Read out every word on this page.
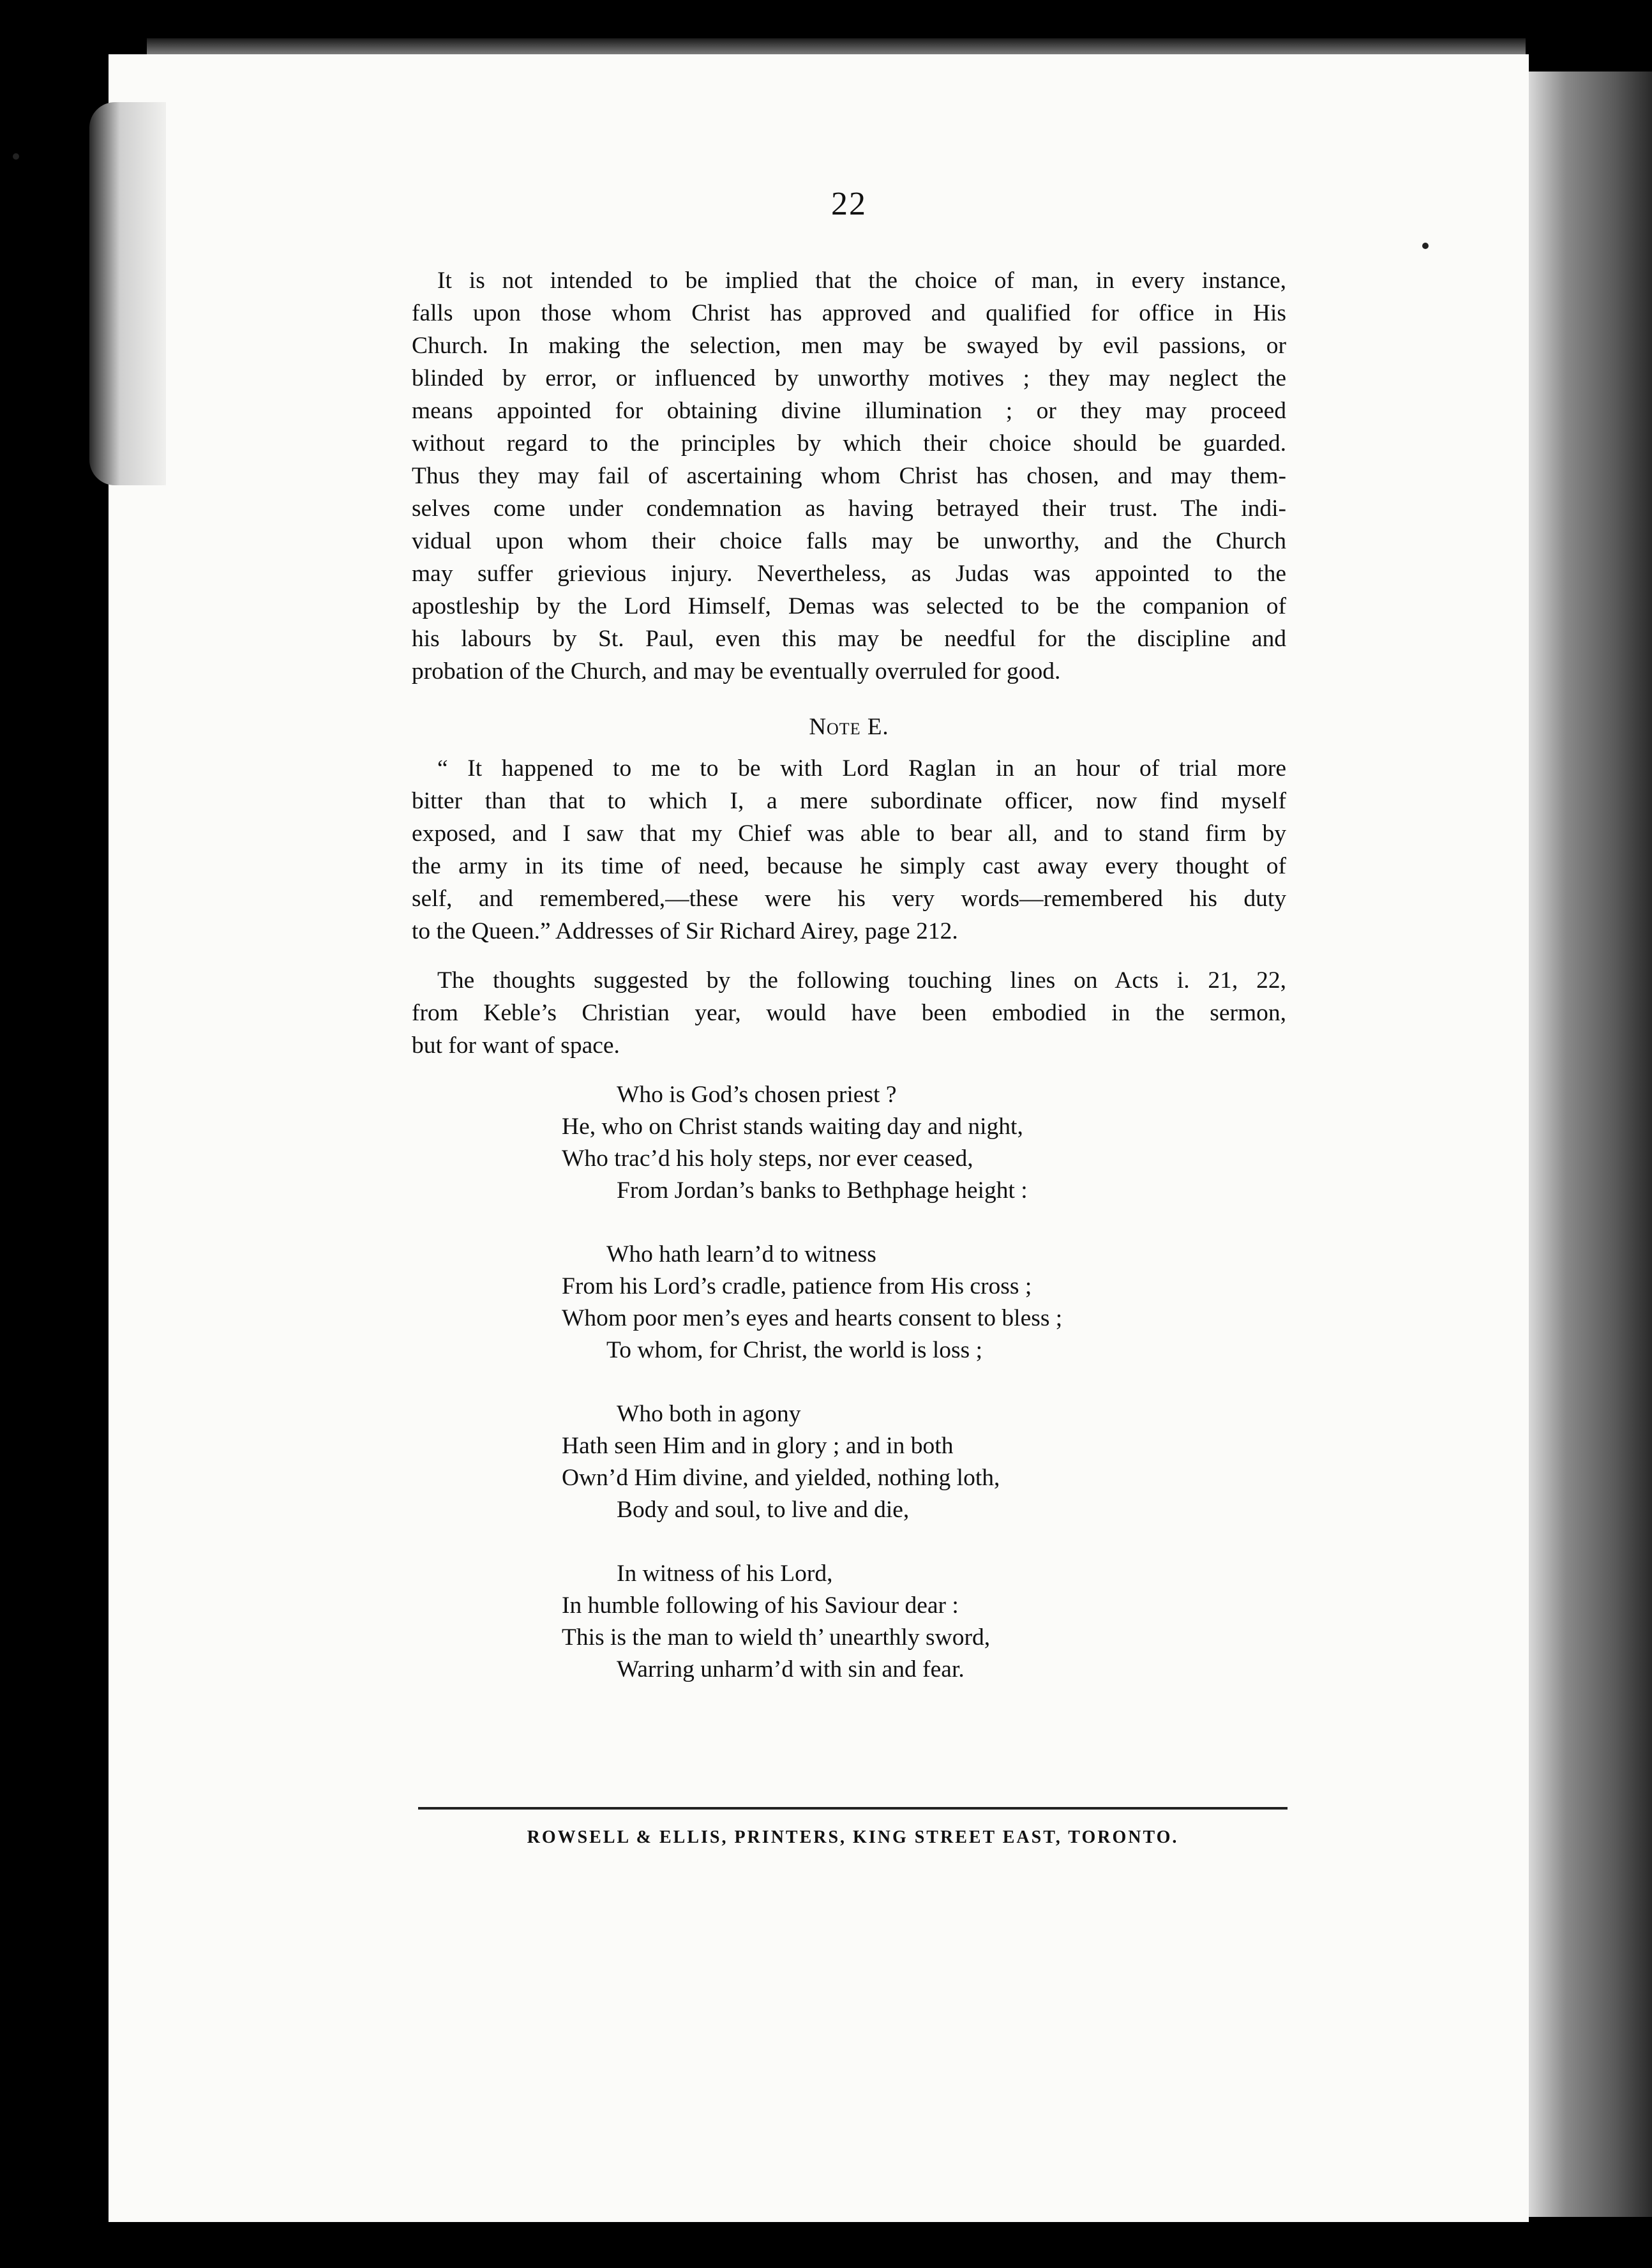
22
It is not intended to be implied that the choice of man, in every instance,
falls upon those whom Christ has approved and qualified for office in His
Church. In making the selection, men may be swayed by evil passions, or
blinded by error, or influenced by unworthy motives ; they may neglect the
means appointed for obtaining divine illumination ; or they may proceed
without regard to the principles by which their choice should be guarded.
Thus they may fail of ascertaining whom Christ has chosen, and may them-
selves come under condemnation as having betrayed their trust. The indi-
vidual upon whom their choice falls may be unworthy, and the Church
may suffer grievious injury. Nevertheless, as Judas was appointed to the
apostleship by the Lord Himself, Demas was selected to be the companion of
his labours by St. Paul, even this may be needful for the discipline and
probation of the Church, and may be eventually overruled for good.
Note E.
“ It happened to me to be with Lord Raglan in an hour of trial more
bitter than that to which I, a mere subordinate officer, now find myself
exposed, and I saw that my Chief was able to bear all, and to stand firm by
the army in its time of need, because he simply cast away every thought of
self, and remembered,—these were his very words—remembered his duty
to the Queen.” Addresses of Sir Richard Airey, page 212.
The thoughts suggested by the following touching lines on Acts i. 21, 22,
from Keble’s Christian year, would have been embodied in the sermon,
but for want of space.
Who is God’s chosen priest ?
He, who on Christ stands waiting day and night,
Who trac’d his holy steps, nor ever ceased,
From Jordan’s banks to Bethphage height :
Who hath learn’d to witness
From his Lord’s cradle, patience from His cross ;
Whom poor men’s eyes and hearts consent to bless ;
To whom, for Christ, the world is loss ;
Who both in agony
Hath seen Him and in glory ; and in both
Own’d Him divine, and yielded, nothing loth,
Body and soul, to live and die,
In witness of his Lord,
In humble following of his Saviour dear :
This is the man to wield th’ unearthly sword,
Warring unharm’d with sin and fear.
ROWSELL & ELLIS, PRINTERS, KING STREET EAST, TORONTO.
